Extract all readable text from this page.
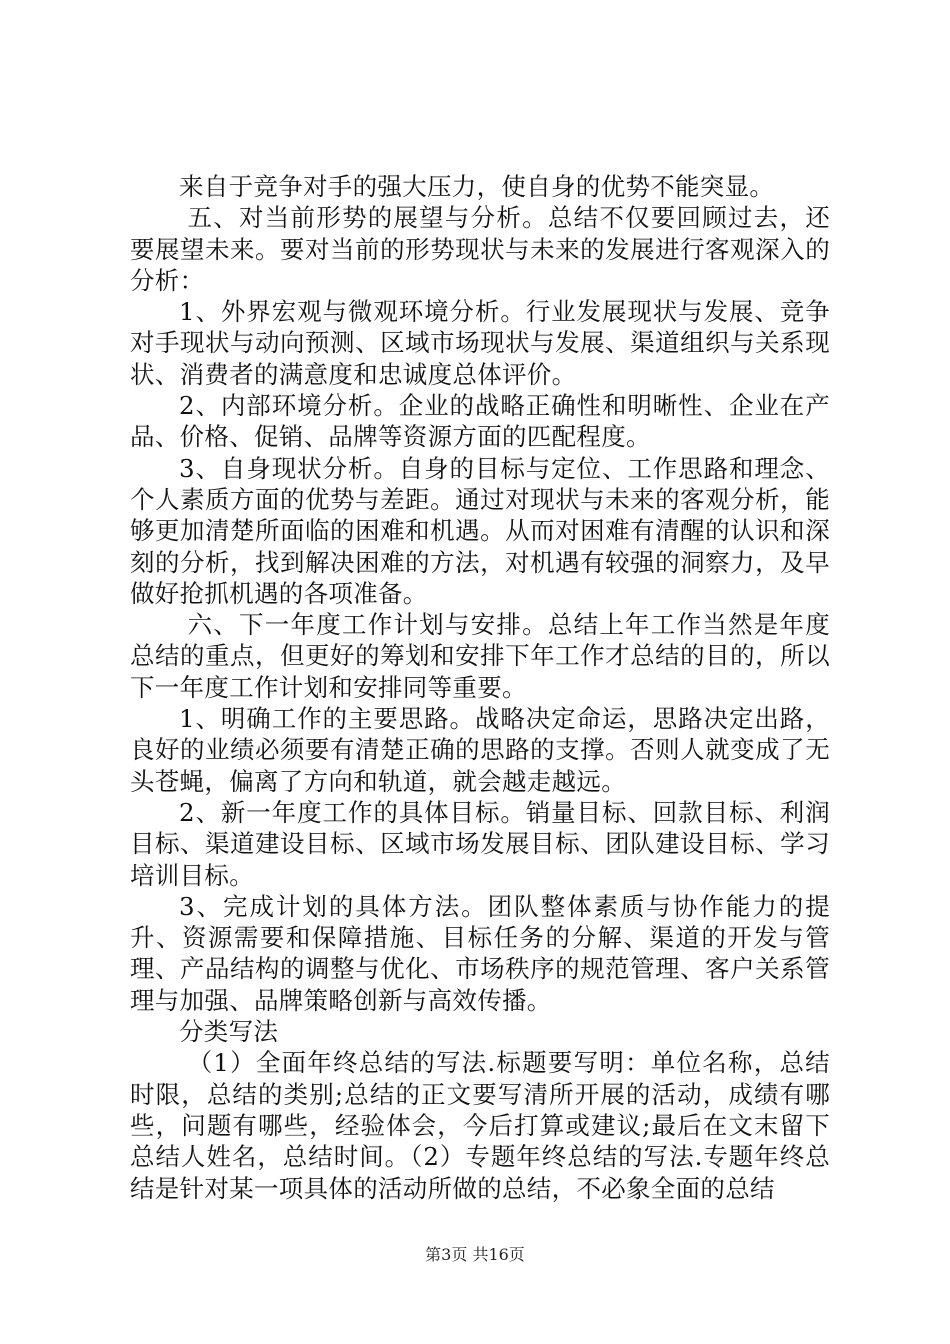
来自于竞争对手的强大压力，使自身的优势不能突显。

五、对当前形势的展望与分析。总结不仅要回顾过去，还要展望未来。要对当前的形势现状与未来的发展进行客观深入的分析：

1、外界宏观与微观环境分析。行业发展现状与发展、竞争对手现状与动向预测、区域市场现状与发展、渠道组织与关系现状、消费者的满意度和忠诚度总体评价。

2、内部环境分析。企业的战略正确性和明晰性、企业在产品、价格、促销、品牌等资源方面的匹配程度。

3、自身现状分析。自身的目标与定位、工作思路和理念、个人素质方面的优势与差距。通过对现状与未来的客观分析，能够更加清楚所面临的困难和机遇。从而对困难有清醒的认识和深刻的分析，找到解决困难的方法，对机遇有较强的洞察力，及早做好抢抓机遇的各项准备。

六、下一年度工作计划与安排。总结上年工作当然是年度总结的重点，但更好的筹划和安排下年工作才总结的目的，所以下一年度工作计划和安排同等重要。

1、明确工作的主要思路。战略决定命运，思路决定出路，良好的业绩必须要有清楚正确的思路的支撑。否则人就变成了无头苍蝇，偏离了方向和轨道，就会越走越远。

2、新一年度工作的具体目标。销量目标、回款目标、利润目标、渠道建设目标、区域市场发展目标、团队建设目标、学习培训目标。

3、完成计划的具体方法。团队整体素质与协作能力的提升、资源需要和保障措施、目标任务的分解、渠道的开发与管理、产品结构的调整与优化、市场秩序的规范管理、客户关系管理与加强、品牌策略创新与高效传播。

分类写法

（1）全面年终总结的写法.标题要写明：单位名称，总结时限，总结的类别;总结的正文要写清所开展的活动，成绩有哪些，问题有哪些，经验体会，今后打算或建议;最后在文末留下总结人姓名，总结时间。（2）专题年终总结的写法.专题年终总结是针对某一项具体的活动所做的总结，不必象全面的总结

第3页 共16页
